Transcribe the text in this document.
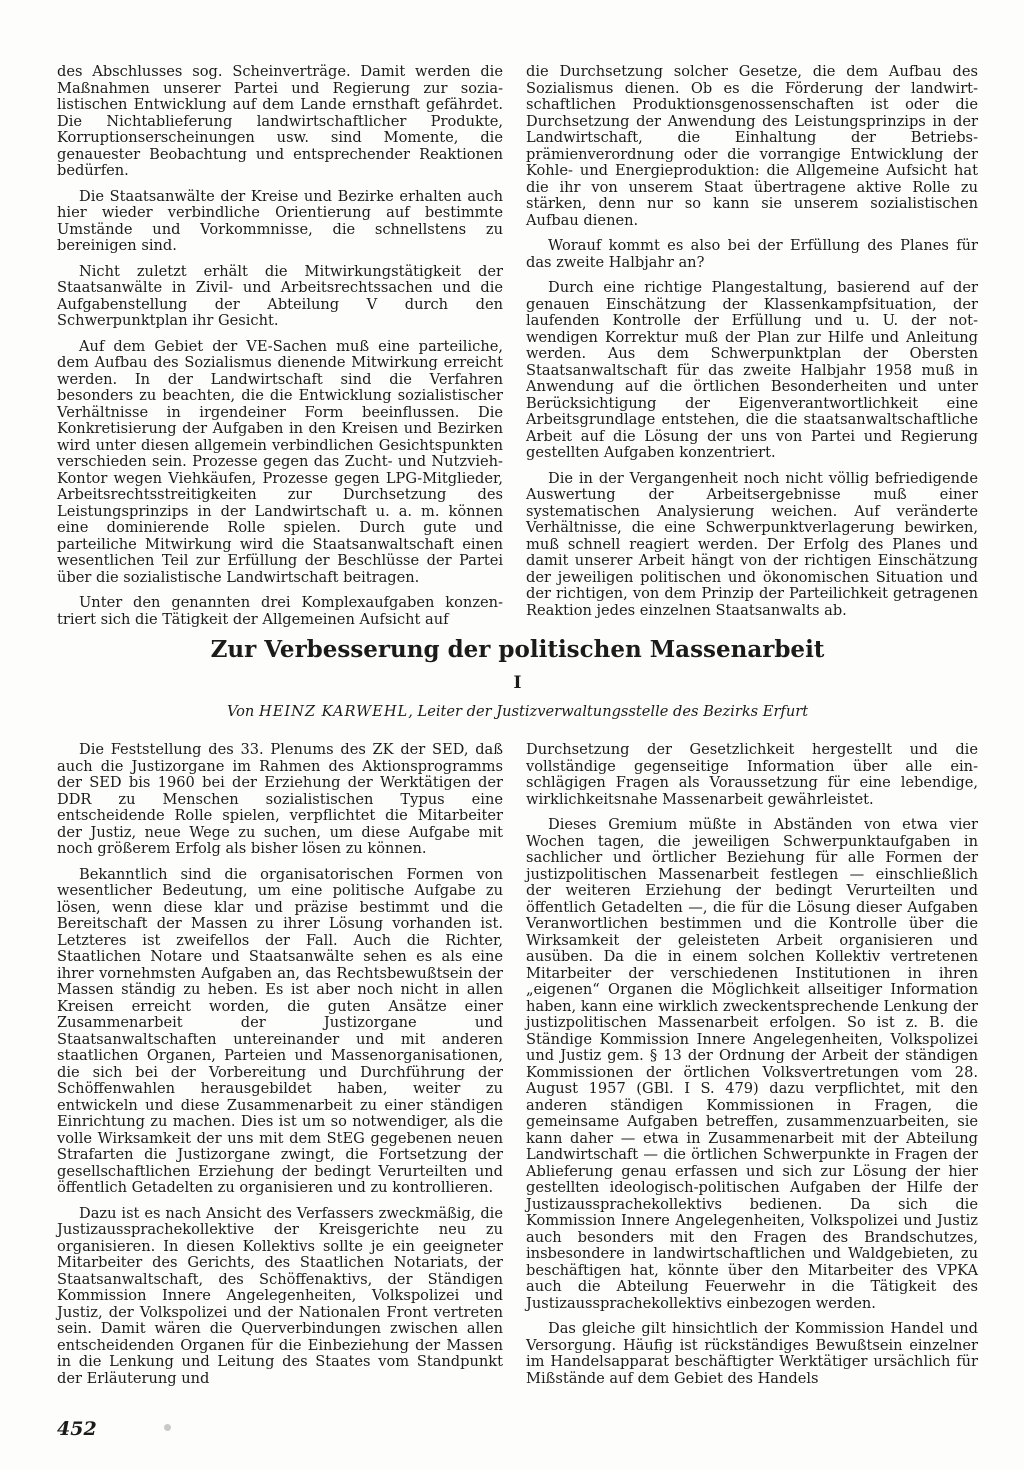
des Abschlusses sog. Scheinverträge. Damit werden die Maßnahmen unserer Partei und Regierung zur sozialistischen Entwicklung auf dem Lande ernsthaft gefährdet. Die Nichtablieferung landwirtschaftlicher Produkte, Korruptionserscheinungen usw. sind Momente, die genauester Beobachtung und entsprechender Reaktionen bedürfen.

Die Staatsanwälte der Kreise und Bezirke erhalten auch hier wieder verbindliche Orientierung auf bestimmte Umstände und Vorkommnisse, die schnellstens zu bereinigen sind.

Nicht zuletzt erhält die Mitwirkungstätigkeit der Staatsanwälte in Zivil- und Arbeitsrechtssachen und die Aufgabenstellung der Abteilung V durch den Schwerpunktplan ihr Gesicht.

Auf dem Gebiet der VE-Sachen muß eine parteiliche, dem Aufbau des Sozialismus dienende Mitwirkung erreicht werden. In der Landwirtschaft sind die Verfahren besonders zu beachten, die die Entwicklung sozialistischer Verhältnisse in irgendeiner Form beeinflussen. Die Konkretisierung der Aufgaben in den Kreisen und Bezirken wird unter diesen allgemein verbindlichen Gesichtspunkten verschieden sein. Prozesse gegen das Zucht- und Nutzvieh-Kontor wegen Viehkäufen, Prozesse gegen LPG-Mitglieder, Arbeitsrechtsstreitigkeiten zur Durchsetzung des Leistungsprinzips in der Landwirtschaft u. a. m. können eine dominierende Rolle spielen. Durch gute und parteiliche Mitwirkung wird die Staatsanwaltschaft einen wesentlichen Teil zur Erfüllung der Beschlüsse der Partei über die sozialistische Landwirtschaft beitragen.

Unter den genannten drei Komplexaufgaben konzentriert sich die Tätigkeit der Allgemeinen Aufsicht auf

die Durchsetzung solcher Gesetze, die dem Aufbau des Sozialismus dienen. Ob es die Förderung der landwirtschaftlichen Produktionsgenossenschaften ist oder die Durchsetzung der Anwendung des Leistungsprinzips in der Landwirtschaft, die Einhaltung der Betriebsprämienverordnung oder die vorrangige Entwicklung der Kohle- und Energieproduktion: die Allgemeine Aufsicht hat die ihr von unserem Staat übertragene aktive Rolle zu stärken, denn nur so kann sie unserem sozialistischen Aufbau dienen.

Worauf kommt es also bei der Erfüllung des Planes für das zweite Halbjahr an?

Durch eine richtige Plangestaltung, basierend auf der genauen Einschätzung der Klassenkampfsituation, der laufenden Kontrolle der Erfüllung und u. U. der notwendigen Korrektur muß der Plan zur Hilfe und Anleitung werden. Aus dem Schwerpunktplan der Obersten Staatsanwaltschaft für das zweite Halbjahr 1958 muß in Anwendung auf die örtlichen Besonderheiten und unter Berücksichtigung der Eigenverantwortlichkeit eine Arbeitsgrundlage entstehen, die die staatsanwaltschaftliche Arbeit auf die Lösung der uns von Partei und Regierung gestellten Aufgaben konzentriert.

Die in der Vergangenheit noch nicht völlig befriedigende Auswertung der Arbeitsergebnisse muß einer systematischen Analysierung weichen. Auf veränderte Verhältnisse, die eine Schwerpunktverlagerung bewirken, muß schnell reagiert werden. Der Erfolg des Planes und damit unserer Arbeit hängt von der richtigen Einschätzung der jeweiligen politischen und ökonomischen Situation und der richtigen, von dem Prinzip der Parteilichkeit getragenen Reaktion jedes einzelnen Staatsanwalts ab.

Zur Verbesserung der politischen Massenarbeit
I
Von HEINZ KARWEHL, Leiter der Justizverwaltungsstelle des Bezirks Erfurt

Die Feststellung des 33. Plenums des ZK der SED, daß auch die Justizorgane im Rahmen des Aktionsprogramms der SED bis 1960 bei der Erziehung der Werktätigen der DDR zu Menschen sozialistischen Typus eine entscheidende Rolle spielen, verpflichtet die Mitarbeiter der Justiz, neue Wege zu suchen, um diese Aufgabe mit noch größerem Erfolg als bisher lösen zu können.

Bekanntlich sind die organisatorischen Formen von wesentlicher Bedeutung, um eine politische Aufgabe zu lösen, wenn diese klar und präzise bestimmt und die Bereitschaft der Massen zu ihrer Lösung vorhanden ist. Letzteres ist zweifellos der Fall. Auch die Richter, Staatlichen Notare und Staatsanwälte sehen es als eine ihrer vornehmsten Aufgaben an, das Rechtsbewußtsein der Massen ständig zu heben. Es ist aber noch nicht in allen Kreisen erreicht worden, die guten Ansätze einer Zusammenarbeit der Justizorgane und Staatsanwaltschaften untereinander und mit anderen staatlichen Organen, Parteien und Massenorganisationen, die sich bei der Vorbereitung und Durchführung der Schöffenwahlen herausgebildet haben, weiter zu entwickeln und diese Zusammenarbeit zu einer ständigen Einrichtung zu machen. Dies ist um so notwendiger, als die volle Wirksamkeit der uns mit dem StEG gegebenen neuen Strafarten die Justizorgane zwingt, die Fortsetzung der gesellschaftlichen Erziehung der bedingt Verurteilten und öffentlich Getadelten zu organisieren und zu kontrollieren.

Dazu ist es nach Ansicht des Verfassers zweckmäßig, die Justizaussprachekollektive der Kreisgerichte neu zu organisieren. In diesen Kollektivs sollte je ein geeigneter Mitarbeiter des Gerichts, des Staatlichen Notariats, der Staatsanwaltschaft, des Schöffenaktivs, der Ständigen Kommission Innere Angelegenheiten, Volkspolizei und Justiz, der Volkspolizei und der Nationalen Front vertreten sein. Damit wären die Querverbindungen zwischen allen entscheidenden Organen für die Einbeziehung der Massen in die Lenkung und Leitung des Staates vom Standpunkt der Erläuterung und

Durchsetzung der Gesetzlichkeit hergestellt und die vollständige gegenseitige Information über alle einschlägigen Fragen als Voraussetzung für eine lebendige, wirklichkeitsnahe Massenarbeit gewährleistet.

Dieses Gremium müßte in Abständen von etwa vier Wochen tagen, die jeweiligen Schwerpunktaufgaben in sachlicher und örtlicher Beziehung für alle Formen der justizpolitischen Massenarbeit festlegen — einschließlich der weiteren Erziehung der bedingt Verurteilten und öffentlich Getadelten —, die für die Lösung dieser Aufgaben Veranwortlichen bestimmen und die Kontrolle über die Wirksamkeit der geleisteten Arbeit organisieren und ausüben. Da die in einem solchen Kollektiv vertretenen Mitarbeiter der verschiedenen Institutionen in ihren „eigenen“ Organen die Möglichkeit allseitiger Information haben, kann eine wirklich zweckentsprechende Lenkung der justizpolitischen Massenarbeit erfolgen. So ist z. B. die Ständige Kommission Innere Angelegenheiten, Volkspolizei und Justiz gem. § 13 der Ordnung der Arbeit der ständigen Kommissionen der örtlichen Volksvertretungen vom 28. August 1957 (GBl. I S. 479) dazu verpflichtet, mit den anderen ständigen Kommissionen in Fragen, die gemeinsame Aufgaben betreffen, zusammenzuarbeiten, sie kann daher — etwa in Zusammenarbeit mit der Abteilung Landwirtschaft — die örtlichen Schwerpunkte in Fragen der Ablieferung genau erfassen und sich zur Lösung der hier gestellten ideologisch-politischen Aufgaben der Hilfe der Justizaussprachekollektivs bedienen. Da sich die Kommission Innere Angelegenheiten, Volkspolizei und Justiz auch besonders mit den Fragen des Brandschutzes, insbesondere in landwirtschaftlichen und Waldgebieten, zu beschäftigen hat, könnte über den Mitarbeiter des VPKA auch die Abteilung Feuerwehr in die Tätigkeit des Justizaussprachekollektivs einbezogen werden.

Das gleiche gilt hinsichtlich der Kommission Handel und Versorgung. Häufig ist rückständiges Bewußtsein einzelner im Handelsapparat beschäftigter Werktätiger ursächlich für Mißstände auf dem Gebiet des Handels

452
